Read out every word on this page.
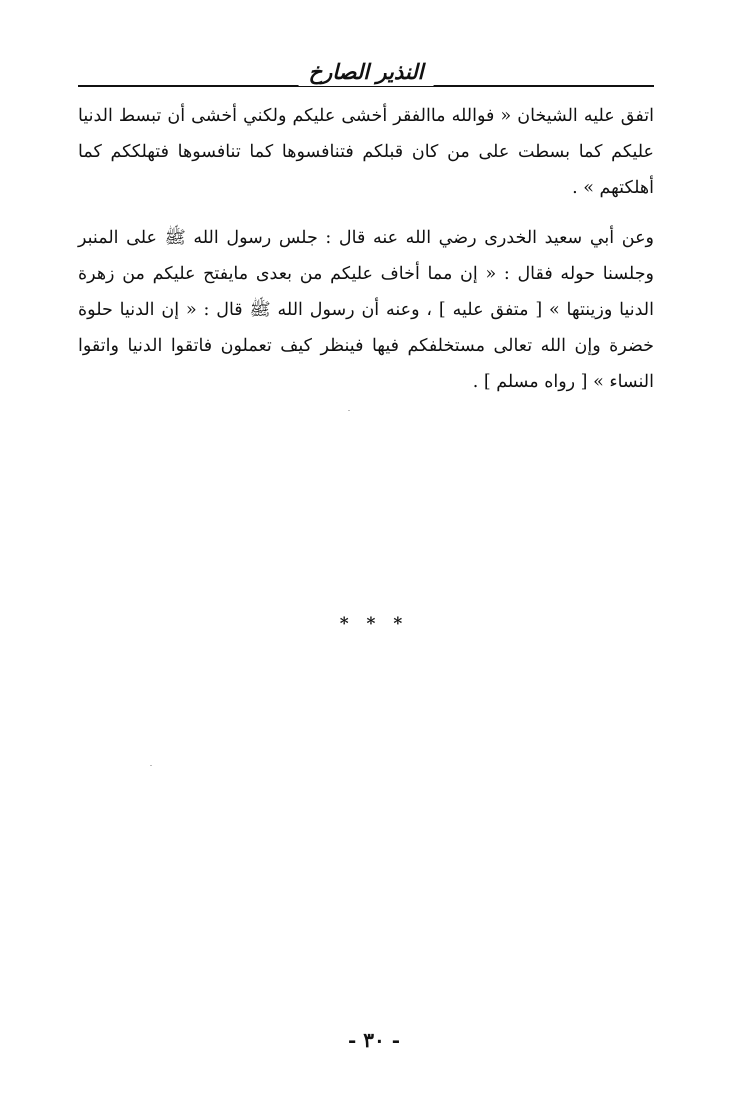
النذير الصارخ

اتفق عليه الشيخان « فوالله ماالفقر أخشى عليكم ولكني أخشى أن تبسط الدنيا عليكم كما بسطت على من كان قبلكم فتنافسوها كما تنافسوها فتهلككم كما أهلكتهم » .

وعن أبي سعيد الخدرى رضي الله عنه قال : جلس رسول الله ﷺ على المنبر وجلسنا حوله فقال : « إن مما أخاف عليكم من بعدى مايفتح عليكم من زهرة الدنيا وزينتها » [ متفق عليه ] ، وعنه أن رسول الله ﷺ قال : « إن الدنيا حلوة خضرة وإن الله تعالى مستخلفكم فيها فينظر كيف تعملون فاتقوا الدنيا واتقوا النساء » [ رواه مسلم ] .

* * *
- ٣٠ -
